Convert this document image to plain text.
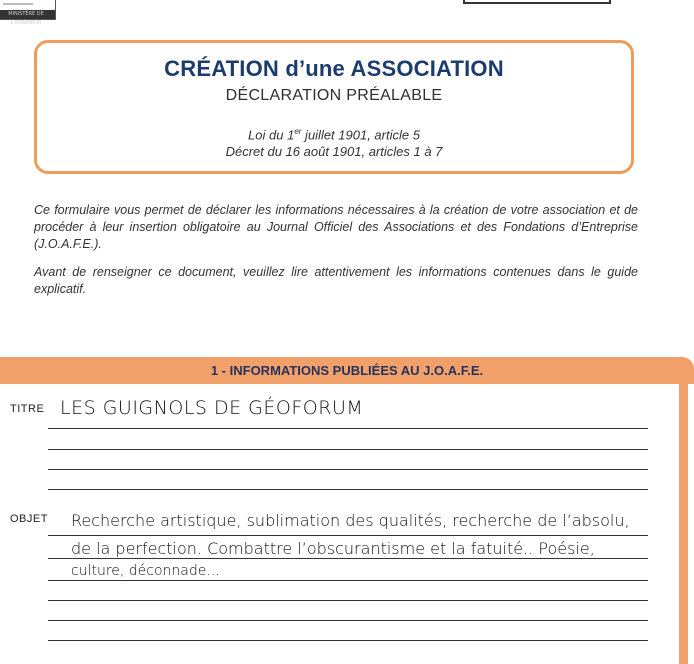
MINISTÈRE DE L'INTÉRIEUR
CRÉATION d’une ASSOCIATION
DÉCLARATION PRÉALABLE
Loi du 1er juillet 1901, article 5
Décret du 16 août 1901, articles 1 à 7

Ce formulaire vous permet de déclarer les informations nécessaires à la création de votre association et de procéder à leur insertion obligatoire au Journal Officiel des Associations et des Fondations d’Entreprise (J.O.A.F.E.).

Avant de renseigner ce document, veuillez lire attentivement les informations contenues dans le guide explicatif.

1 - INFORMATIONS PUBLIÉES AU J.O.A.F.E.
TITRE LES GUIGNOLS DE GÉOFORUM
OBJET Recherche artistique, sublimation des qualités, recherche de l’absolu,
de la perfection. Combattre l’obscurantisme et la fatuité.. Poésie,
culture, déconnade...
